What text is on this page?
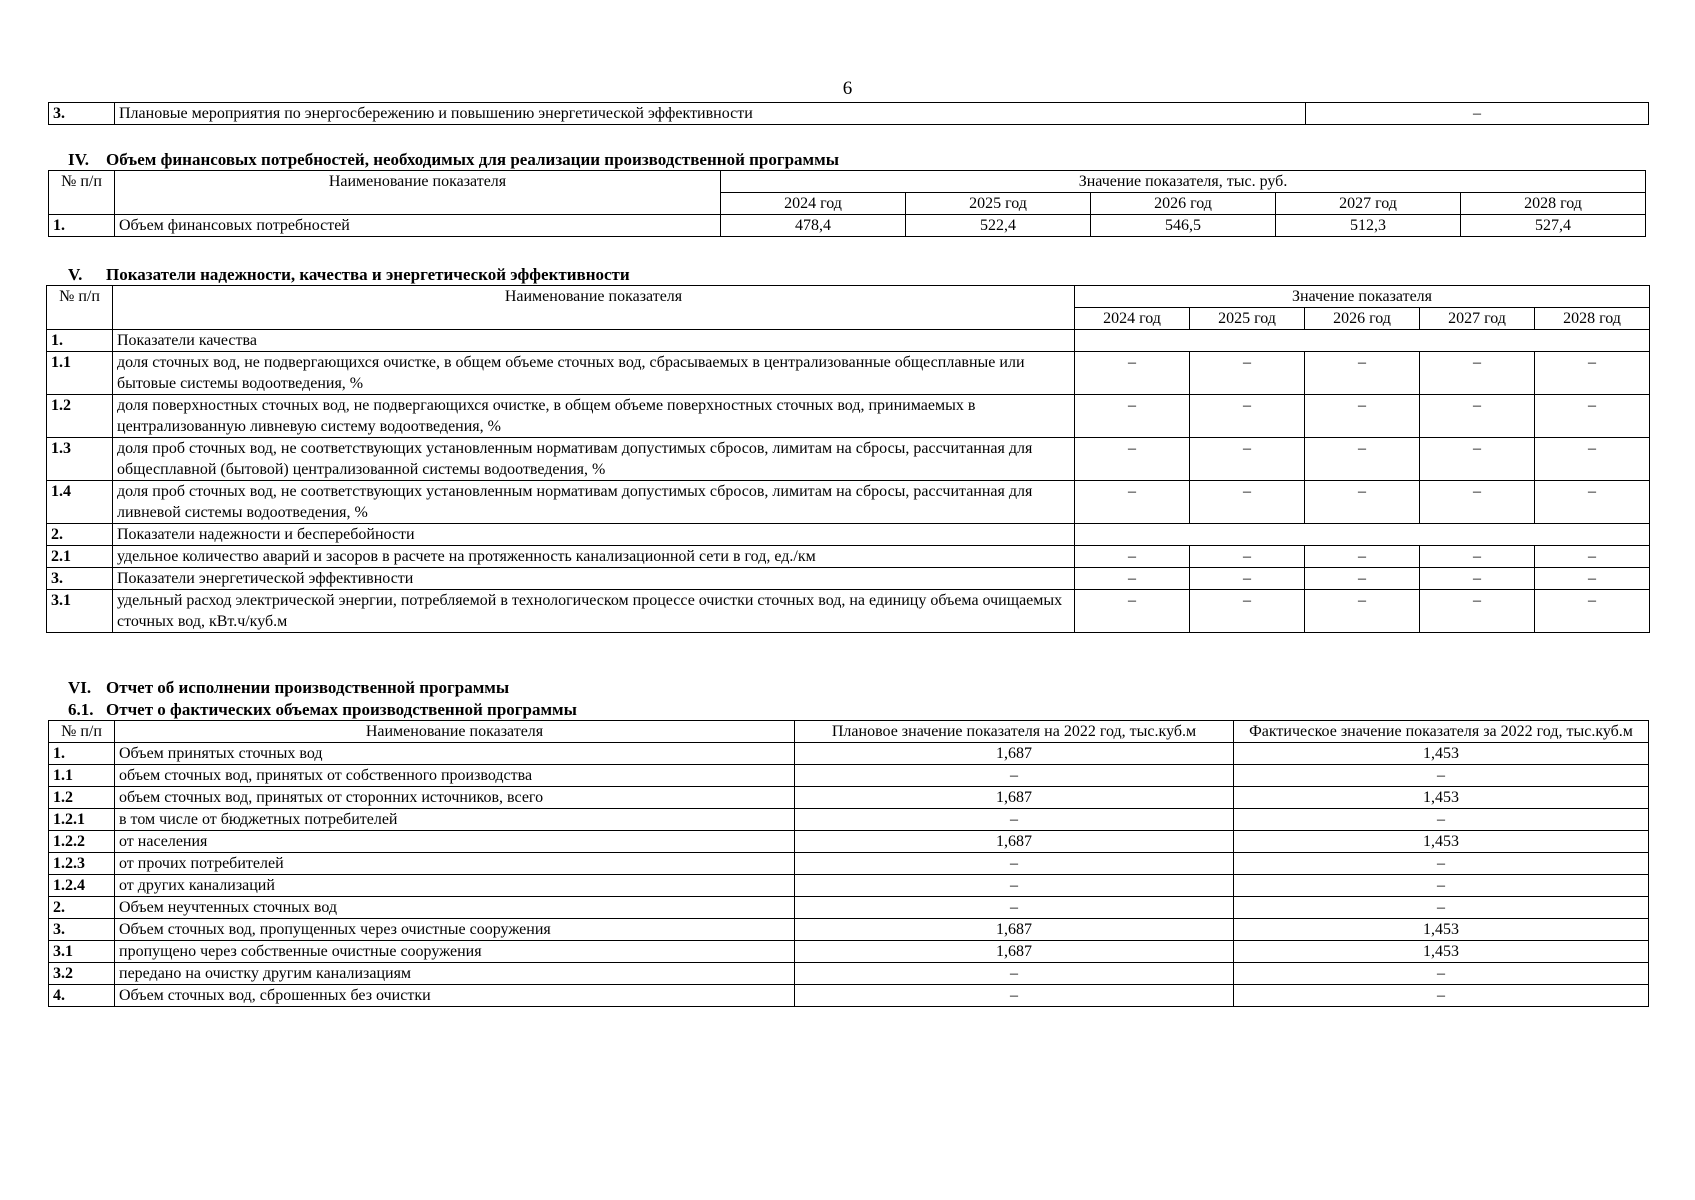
6
3.	Плановые мероприятия по энергосбережению и повышению энергетической эффективности	–
IV. Объем финансовых потребностей, необходимых для реализации производственной программы
№ п/п	Наименование показателя	Значение показателя, тыс. руб.				
		2024 год	2025 год	2026 год	2027 год	2028 год
1.	Объем финансовых потребностей	478,4	522,4	546,5	512,3	527,4
V. Показатели надежности, качества и энергетической эффективности
№ п/п	Наименование показателя	Значение показателя				
		2024 год	2025 год	2026 год	2027 год	2028 год
1.	Показатели качества					
1.1	доля сточных вод, не подвергающихся очистке, в общем объеме сточных вод, сбрасываемых в централизованные общесплавные или бытовые системы водоотведения, %	–	–	–	–	–
1.2	доля поверхностных сточных вод, не подвергающихся очистке, в общем объеме поверхностных сточных вод, принимаемых в централизованную ливневую систему водоотведения, %	–	–	–	–	–
1.3	доля проб сточных вод, не соответствующих установленным нормативам допустимых сбросов, лимитам на сбросы, рассчитанная для общесплавной (бытовой) централизованной системы водоотведения, %	–	–	–	–	–
1.4	доля проб сточных вод, не соответствующих установленным нормативам допустимых сбросов, лимитам на сбросы, рассчитанная для ливневой системы водоотведения, %	–	–	–	–	–
2.	Показатели надежности и бесперебойности					
2.1	удельное количество аварий и засоров в расчете на протяженность канализационной сети в год, ед./км	–	–	–	–	–
3.	Показатели энергетической эффективности	–	–	–	–	–
3.1	удельный расход электрической энергии, потребляемой в технологическом процессе очистки сточных вод, на единицу объема очищаемых сточных вод, кВт.ч/куб.м	–	–	–	–	–
VI. Отчет об исполнении производственной программы
6.1. Отчет о фактических объемах производственной программы
№ п/п	Наименование показателя	Плановое значение показателя на 2022 год, тыс.куб.м	Фактическое значение показателя за 2022 год, тыс.куб.м
1.	Объем принятых сточных вод	1,687	1,453
1.1	объем сточных вод, принятых от собственного производства	–	–
1.2	объем сточных вод, принятых от сторонних источников, всего	1,687	1,453
1.2.1	в том числе от бюджетных потребителей	–	–
1.2.2	от населения	1,687	1,453
1.2.3	от прочих потребителей	–	–
1.2.4	от других канализаций	–	–
2.	Объем неучтенных сточных вод	–	–
3.	Объем сточных вод, пропущенных через очистные сооружения	1,687	1,453
3.1	пропущено через собственные очистные сооружения	1,687	1,453
3.2	передано на очистку другим канализациям	–	–
4.	Объем сточных вод, сброшенных без очистки	–	–
